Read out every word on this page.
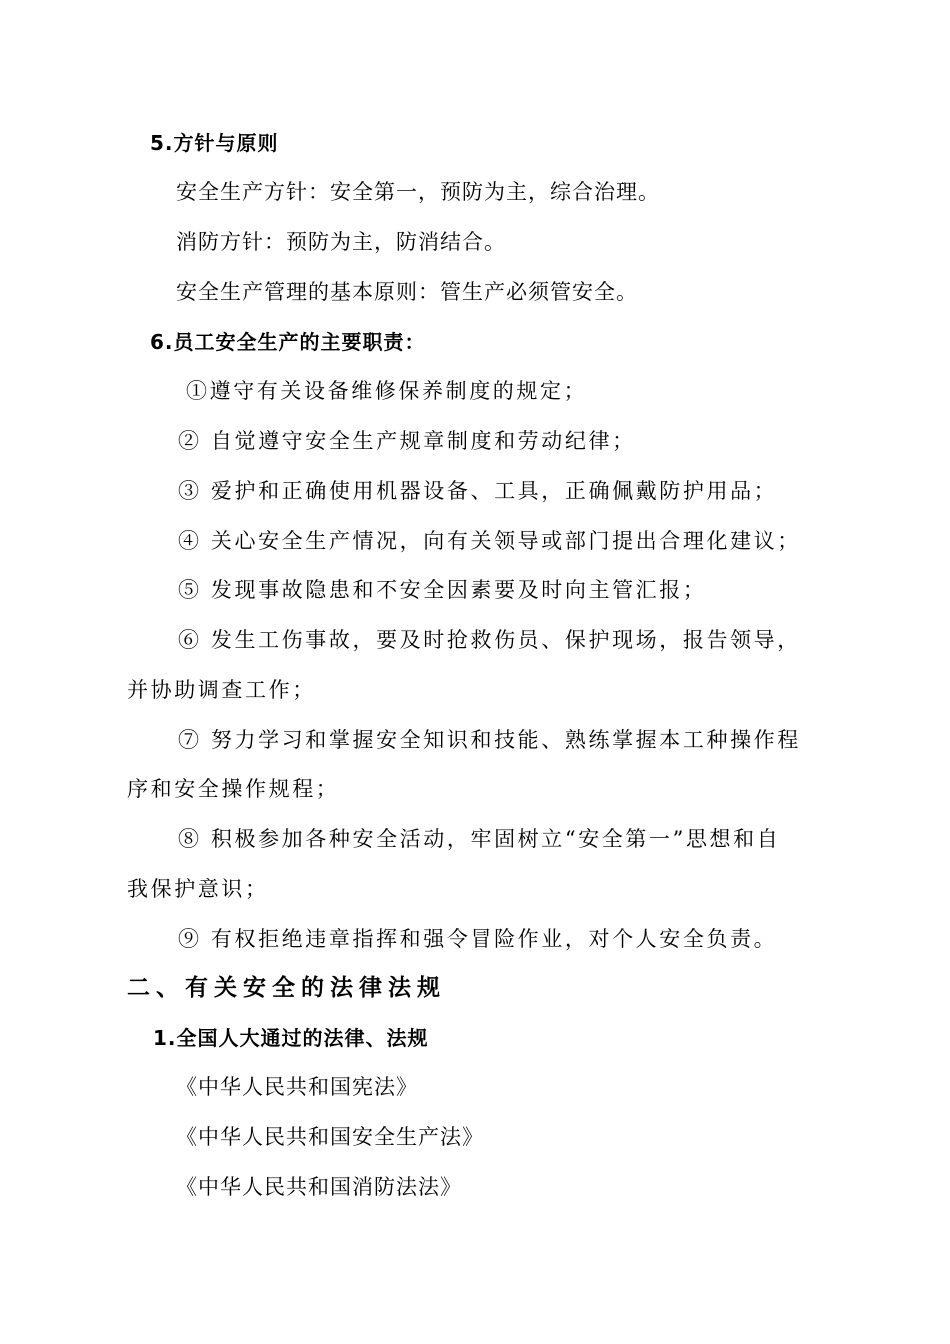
5.方针与原则
安全生产方针：安全第一，预防为主，综合治理。
消防方针：预防为主，防消结合。
安全生产管理的基本原则：管生产必须管安全。
6.员工安全生产的主要职责：
①遵守有关设备维修保养制度的规定；
② 自觉遵守安全生产规章制度和劳动纪律；
③ 爱护和正确使用机器设备、工具，正确佩戴防护用品；
④ 关心安全生产情况，向有关领导或部门提出合理化建议；
⑤ 发现事故隐患和不安全因素要及时向主管汇报；
⑥ 发生工伤事故，要及时抢救伤员、保护现场，报告领导，
并协助调查工作；
⑦ 努力学习和掌握安全知识和技能、熟练掌握本工种操作程
序和安全操作规程；
⑧ 积极参加各种安全活动，牢固树立“安全第一”思想和自
我保护意识；
⑨ 有权拒绝违章指挥和强令冒险作业，对个人安全负责。
二、有关安全的法律法规
1.全国人大通过的法律、法规
《中华人民共和国宪法》
《中华人民共和国安全生产法》
《中华人民共和国消防法法》
